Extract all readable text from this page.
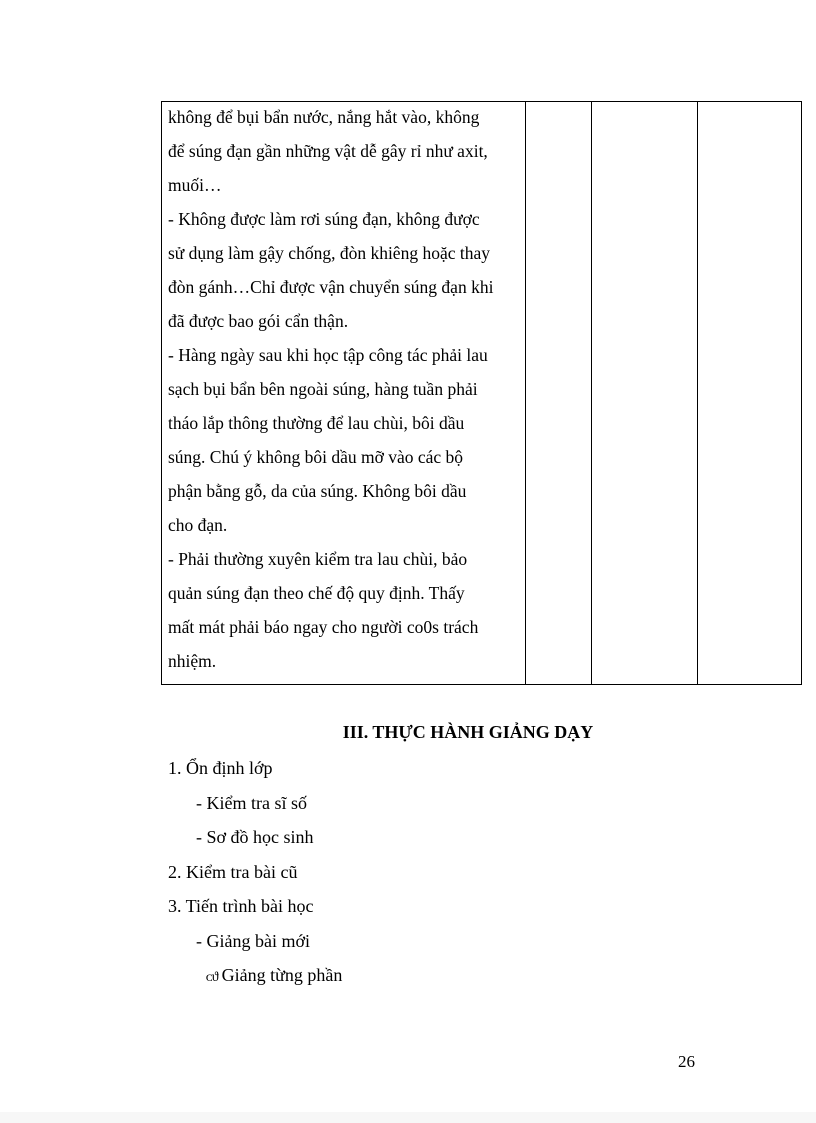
không để bụi bẩn nước, nắng hắt vào, không
để súng đạn gần những vật dễ gây rỉ như axit,
muối…
- Không được làm rơi súng đạn, không được
sử dụng làm gậy chống, đòn khiêng hoặc thay
đòn gánh…Chỉ được vận chuyển súng đạn khi
đã được bao gói cẩn thận.
- Hàng ngày sau khi học tập công tác phải lau
sạch bụi bẩn bên ngoài súng, hàng tuần phải
tháo lắp thông thường để lau chùi, bôi dầu
súng. Chú ý không bôi dầu mỡ vào các bộ
phận bằng gỗ, da của súng. Không bôi dầu
cho đạn.
- Phải thường xuyên kiểm tra lau chùi, bảo
quản súng đạn theo chế độ quy định. Thấy
mất mát phải báo ngay cho người co0s trách
nhiệm.

III. THỰC HÀNH GIẢNG DẠY
1. Ổn định lớp
- Kiểm tra sĩ số
- Sơ đồ học sinh
2. Kiểm tra bài cũ
3. Tiến trình bài học
- Giảng bài mới
ᴄϑ Giảng từng phần
26
